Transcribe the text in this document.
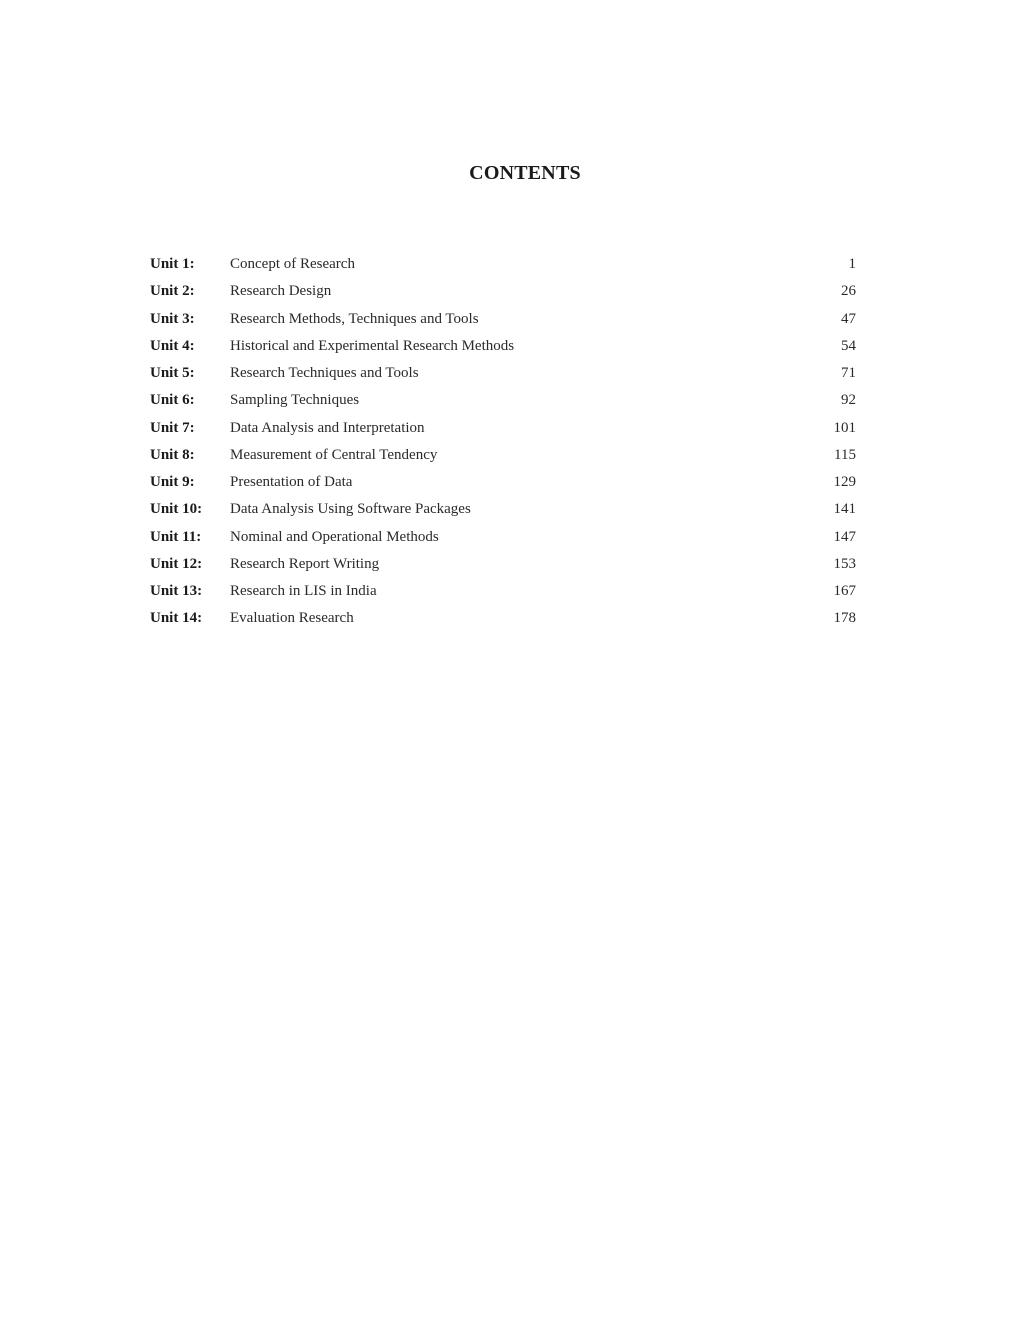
CONTENTS
Unit 1: Concept of Research	1
Unit 2: Research Design	26
Unit 3: Research Methods, Techniques and Tools	47
Unit 4: Historical and Experimental Research Methods	54
Unit 5: Research Techniques and Tools	71
Unit 6: Sampling Techniques	92
Unit 7: Data Analysis and Interpretation	101
Unit 8: Measurement of Central Tendency	115
Unit 9: Presentation of Data	129
Unit 10: Data Analysis Using Software Packages	141
Unit 11: Nominal and Operational Methods	147
Unit 12: Research Report Writing	153
Unit 13: Research in LIS in India	167
Unit 14: Evaluation Research	178
